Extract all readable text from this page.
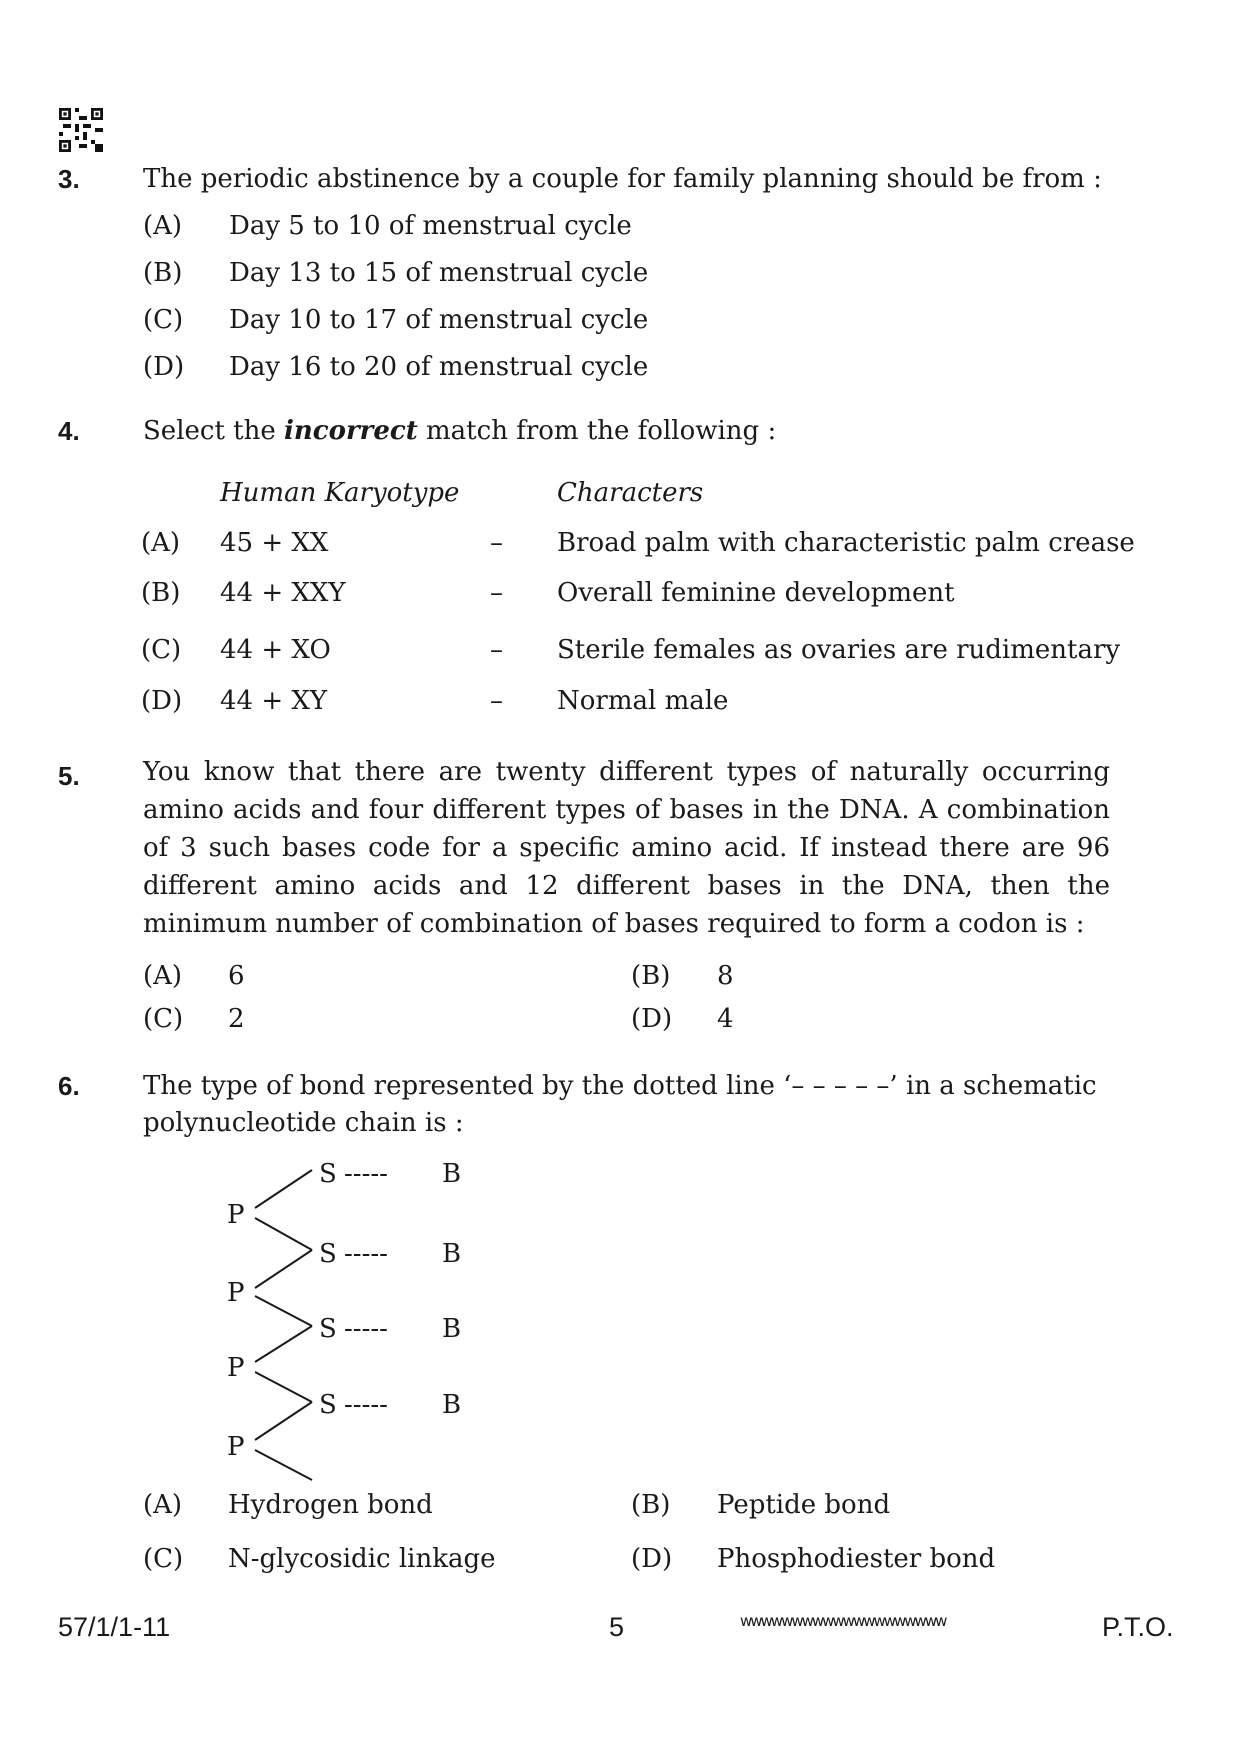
3. The periodic abstinence by a couple for family planning should be from :
(A) Day 5 to 10 of menstrual cycle
(B) Day 13 to 15 of menstrual cycle
(C) Day 10 to 17 of menstrual cycle
(D) Day 16 to 20 of menstrual cycle
4. Select the incorrect match from the following :
Human Karyotype	Characters
(A) 45 + XX	– Broad palm with characteristic palm crease
(B) 44 + XXY	– Overall feminine development
(C) 44 + XO	– Sterile females as ovaries are rudimentary
(D) 44 + XY	– Normal male
5. You know that there are twenty different types of naturally occurring amino acids and four different types of bases in the DNA. A combination of 3 such bases code for a specific amino acid. If instead there are 96 different amino acids and 12 different bases in the DNA, then the minimum number of combination of bases required to form a codon is :
(A) 6	(B) 8
(C) 2	(D) 4
6. The type of bond represented by the dotted line ‘– – – – –’ in a schematic
polynucleotide chain is :
S ----- B
S ----- B
S ----- B
S ----- B
P
P
P
P
(A) Hydrogen bond	(B) Peptide bond
(C) N-glycosidic linkage	(D) Phosphodiester bond
57/1/1-11	5	wwwwwwwwwwwwwwwwwwww	P.T.O.
